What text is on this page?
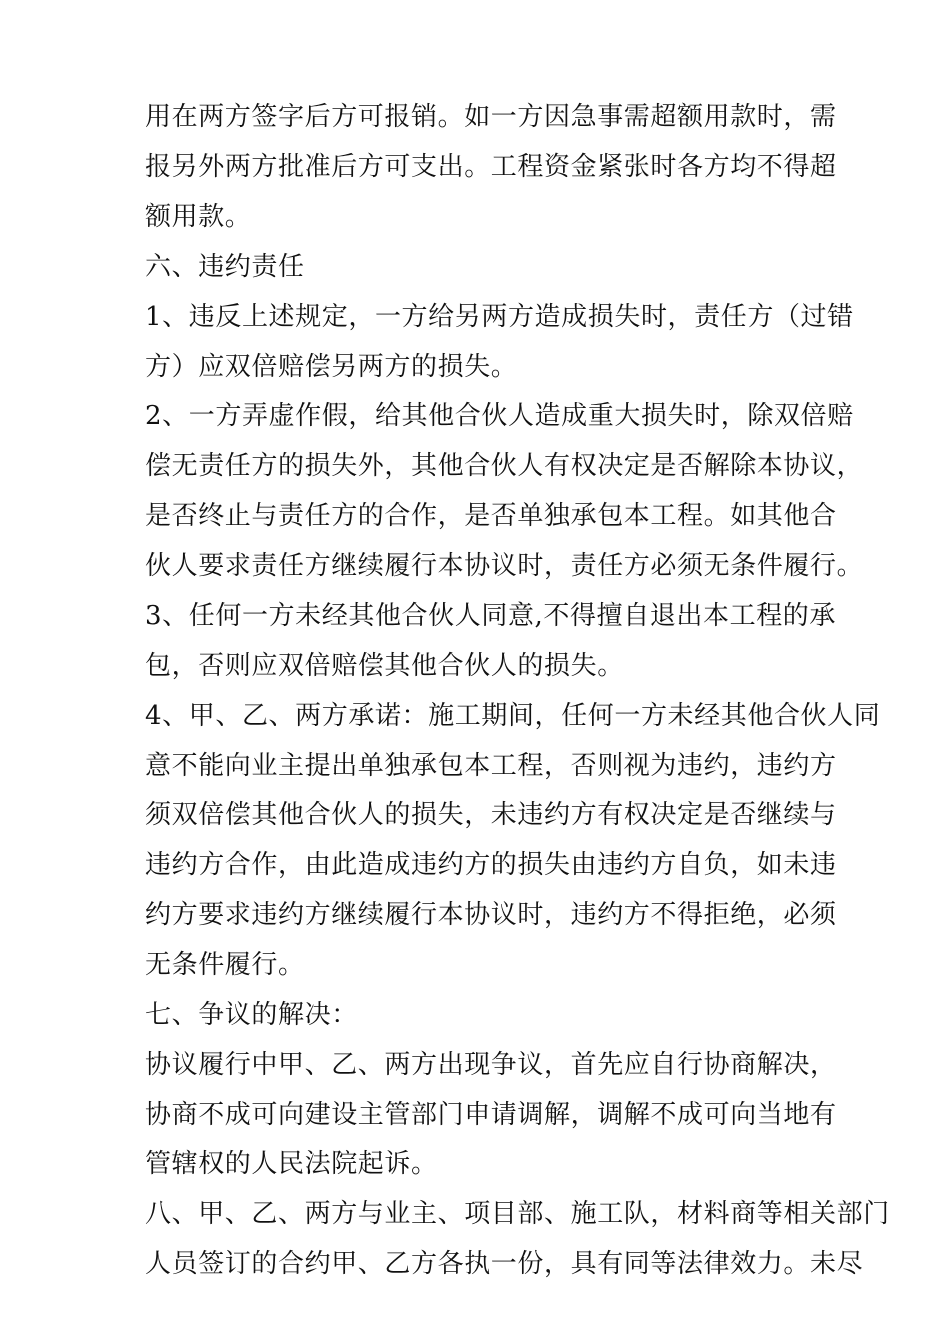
用在两方签字后方可报销。如一方因急事需超额用款时，需
报另外两方批准后方可支出。工程资金紧张时各方均不得超
额用款。
六、违约责任
1、违反上述规定，一方给另两方造成损失时，责任方（过错
方）应双倍赔偿另两方的损失。
2、一方弄虚作假，给其他合伙人造成重大损失时，除双倍赔
偿无责任方的损失外，其他合伙人有权决定是否解除本协议，
是否终止与责任方的合作，是否单独承包本工程。如其他合
伙人要求责任方继续履行本协议时，责任方必须无条件履行。
3、任何一方未经其他合伙人同意,不得擅自退出本工程的承
包，否则应双倍赔偿其他合伙人的损失。
4、甲、乙、两方承诺：施工期间，任何一方未经其他合伙人同
意不能向业主提出单独承包本工程，否则视为违约，违约方
须双倍偿其他合伙人的损失，未违约方有权决定是否继续与
违约方合作，由此造成违约方的损失由违约方自负，如未违
约方要求违约方继续履行本协议时，违约方不得拒绝，必须
无条件履行。
七、争议的解决：
协议履行中甲、乙、两方出现争议，首先应自行协商解决，
协商不成可向建设主管部门申请调解，调解不成可向当地有
管辖权的人民法院起诉。
八、甲、乙、两方与业主、项目部、施工队，材料商等相关部门
人员签订的合约甲、乙方各执一份，具有同等法律效力。未尽
